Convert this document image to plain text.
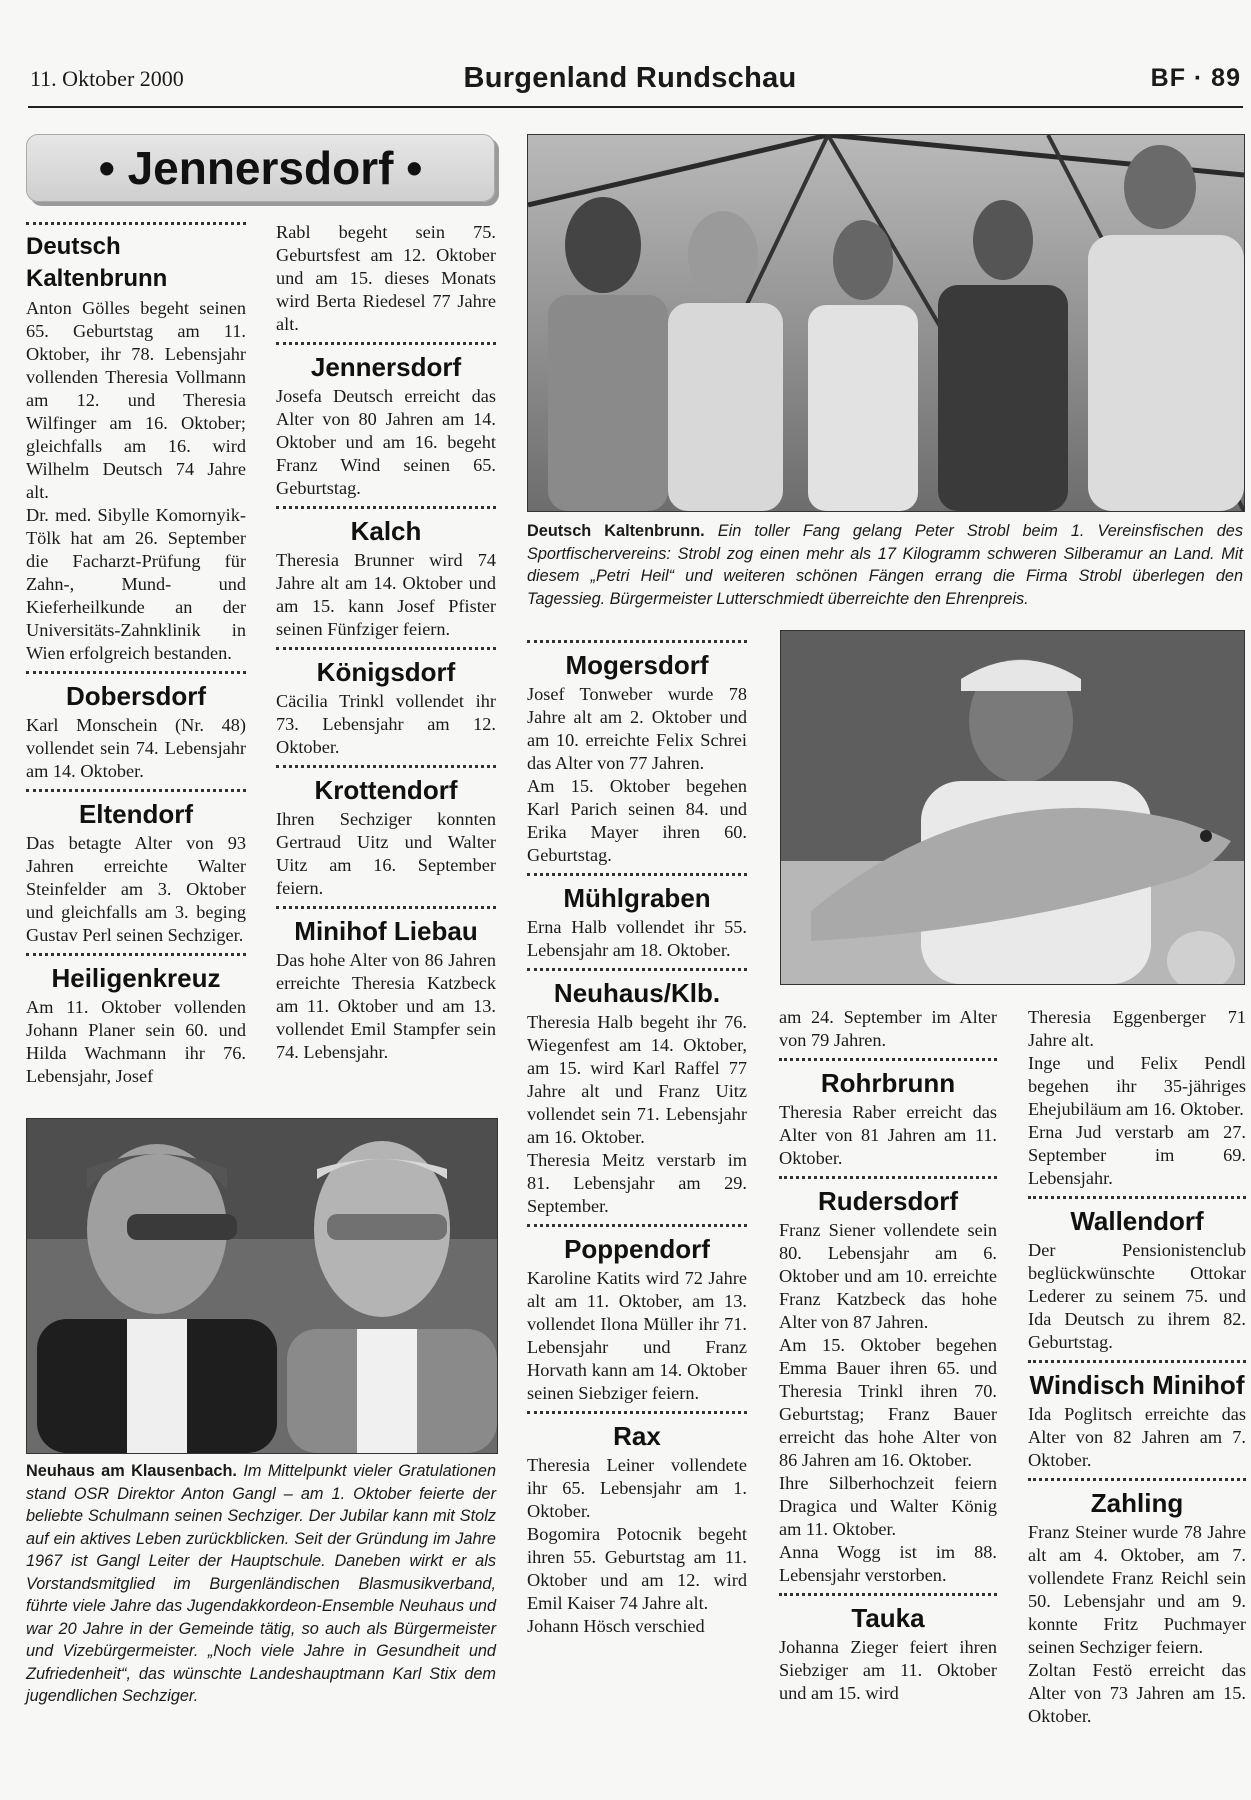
11. Oktober 2000	Burgenland Rundschau	BF · 89
• Jennersdorf •
Deutsch Kaltenbrunn

Anton Gölles begeht seinen 65. Geburtstag am 11. Oktober, ihr 78. Lebensjahr vollenden Theresia Vollmann am 12. und Theresia Wilfinger am 16. Oktober; gleichfalls am 16. wird Wilhelm Deutsch 74 Jahre alt.

Dr. med. Sibylle Komornyik-Tölk hat am 26. September die Facharzt-Prüfung für Zahn-, Mund- und Kieferheilkunde an der Universitäts-Zahnklinik in Wien erfolgreich bestanden.

Dobersdorf

Karl Monschein (Nr. 48) vollendet sein 74. Lebensjahr am 14. Oktober.

Eltendorf

Das betagte Alter von 93 Jahren erreichte Walter Steinfelder am 3. Oktober und gleichfalls am 3. beging Gustav Perl seinen Sechziger.

Heiligenkreuz

Am 11. Oktober vollenden Johann Planer sein 60. und Hilda Wachmann ihr 76. Lebensjahr, Josef

Rabl begeht sein 75. Geburtsfest am 12. Oktober und am 15. dieses Monats wird Berta Riedesel 77 Jahre alt.

Jennersdorf

Josefa Deutsch erreicht das Alter von 80 Jahren am 14. Oktober und am 16. begeht Franz Wind seinen 65. Geburtstag.

Kalch

Theresia Brunner wird 74 Jahre alt am 14. Oktober und am 15. kann Josef Pfister seinen Fünfziger feiern.

Königsdorf

Cäcilia Trinkl vollendet ihr 73. Lebensjahr am 12. Oktober.

Krottendorf

Ihren Sechziger konnten Gertraud Uitz und Walter Uitz am 16. September feiern.

Minihof Liebau

Das hohe Alter von 86 Jahren erreichte Theresia Katzbeck am 11. Oktober und am 13. vollendet Emil Stampfer sein 74. Lebensjahr.

Deutsch Kaltenbrunn. Ein toller Fang gelang Peter Strobl beim 1. Vereinsfischen des Sportfischervereins: Strobl zog einen mehr als 17 Kilogramm schweren Silberamur an Land. Mit diesem „Petri Heil“ und weiteren schönen Fängen errang die Firma Strobl überlegen den Tagessieg. Bürgermeister Lutterschmiedt überreichte den Ehrenpreis.
Neuhaus am Klausenbach. Im Mittelpunkt vieler Gratulationen stand OSR Direktor Anton Gangl – am 1. Oktober feierte der beliebte Schulmann seinen Sechziger. Der Jubilar kann mit Stolz auf ein aktives Leben zurückblicken. Seit der Gründung im Jahre 1967 ist Gangl Leiter der Hauptschule. Daneben wirkt er als Vorstandsmitglied im Burgenländischen Blasmusikverband, führte viele Jahre das Jugendakkordeon-Ensemble Neuhaus und war 20 Jahre in der Gemeinde tätig, so auch als Bürgermeister und Vizebürgermeister. „Noch viele Jahre in Gesundheit und Zufriedenheit“, das wünschte Landeshauptmann Karl Stix dem jugendlichen Sechziger.
Mogersdorf

Josef Tonweber wurde 78 Jahre alt am 2. Oktober und am 10. erreichte Felix Schrei das Alter von 77 Jahren.

Am 15. Oktober begehen Karl Parich seinen 84. und Erika Mayer ihren 60. Geburtstag.

Mühlgraben

Erna Halb vollendet ihr 55. Lebensjahr am 18. Oktober.

Neuhaus/Klb.

Theresia Halb begeht ihr 76. Wiegenfest am 14. Oktober, am 15. wird Karl Raffel 77 Jahre alt und Franz Uitz vollendet sein 71. Lebensjahr am 16. Oktober.

Theresia Meitz verstarb im 81. Lebensjahr am 29. September.

Poppendorf

Karoline Katits wird 72 Jahre alt am 11. Oktober, am 13. vollendet Ilona Müller ihr 71. Lebensjahr und Franz Horvath kann am 14. Oktober seinen Siebziger feiern.

Rax

Theresia Leiner vollendete ihr 65. Lebensjahr am 1. Oktober.

Bogomira Potocnik begeht ihren 55. Geburtstag am 11. Oktober und am 12. wird Emil Kaiser 74 Jahre alt.

Johann Hösch verschied

am 24. September im Alter von 79 Jahren.

Rohrbrunn

Theresia Raber erreicht das Alter von 81 Jahren am 11. Oktober.

Rudersdorf

Franz Siener vollendete sein 80. Lebensjahr am 6. Oktober und am 10. erreichte Franz Katzbeck das hohe Alter von 87 Jahren.

Am 15. Oktober begehen Emma Bauer ihren 65. und Theresia Trinkl ihren 70. Geburtstag; Franz Bauer erreicht das hohe Alter von 86 Jahren am 16. Oktober.

Ihre Silberhochzeit feiern Dragica und Walter König am 11. Oktober.

Anna Wogg ist im 88. Lebensjahr verstorben.

Tauka

Johanna Zieger feiert ihren Siebziger am 11. Oktober und am 15. wird

Theresia Eggenberger 71 Jahre alt.

Inge und Felix Pendl begehen ihr 35-jähriges Ehejubiläum am 16. Oktober.

Erna Jud verstarb am 27. September im 69. Lebensjahr.

Wallendorf

Der Pensionistenclub beglückwünschte Ottokar Lederer zu seinem 75. und Ida Deutsch zu ihrem 82. Geburtstag.

Windisch Minihof

Ida Poglitsch erreichte das Alter von 82 Jahren am 7. Oktober.

Zahling

Franz Steiner wurde 78 Jahre alt am 4. Oktober, am 7. vollendete Franz Reichl sein 50. Lebensjahr und am 9. konnte Fritz Puchmayer seinen Sechziger feiern.

Zoltan Festö erreicht das Alter von 73 Jahren am 15. Oktober.
